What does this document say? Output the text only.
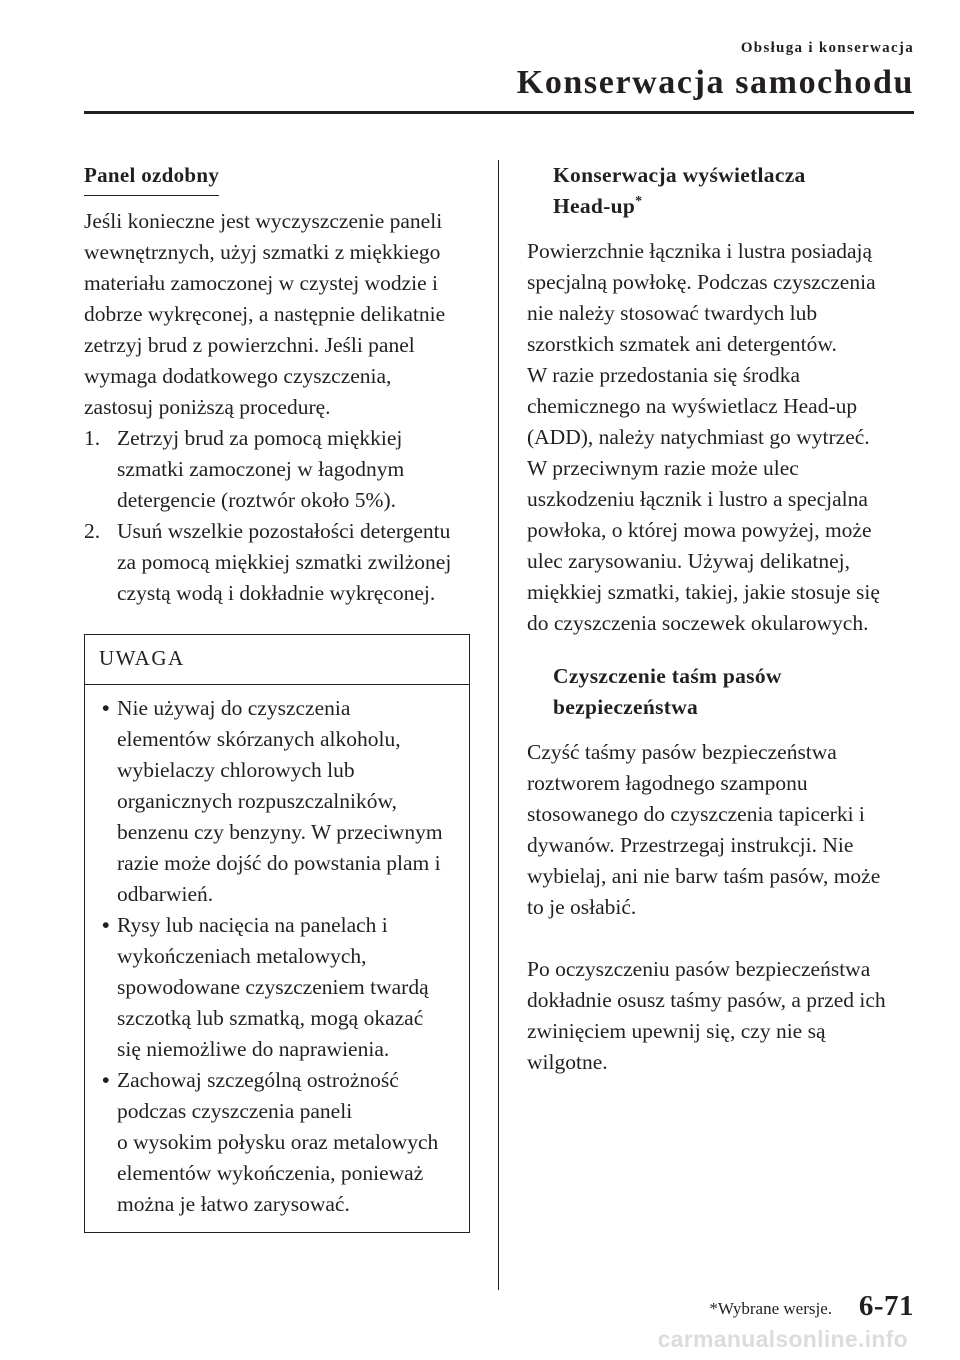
Obsługa i konserwacja
Konserwacja samochodu
Panel ozdobny

Jeśli konieczne jest wyczyszczenie paneli
wewnętrznych, użyj szmatki z miękkiego
materiału zamoczonej w czystej wodzie i
dobrze wykręconej, a następnie delikatnie
zetrzyj brud z powierzchni. Jeśli panel
wymaga dodatkowego czyszczenia,
zastosuj poniższą procedurę.

1. Zetrzyj brud za pomocą miękkiej
szmatki zamoczonej w łagodnym
detergencie (roztwór około 5%).
2. Usuń wszelkie pozostałości detergentu
za pomocą miękkiej szmatki zwilżonej
czystą wodą i dokładnie wykręconej.
UWAGA
• Nie używaj do czyszczenia
elementów skórzanych alkoholu,
wybielaczy chlorowych lub
organicznych rozpuszczalników,
benzenu czy benzyny. W przeciwnym
razie może dojść do powstania plam i
odbarwień.
• Rysy lub nacięcia na panelach i
wykończeniach metalowych,
spowodowane czyszczeniem twardą
szczotką lub szmatką, mogą okazać
się niemożliwe do naprawienia.
• Zachowaj szczególną ostrożność
podczas czyszczenia paneli
o wysokim połysku oraz metalowych
elementów wykończenia, ponieważ
można je łatwo zarysować.
Konserwacja wyświetlacza
Head-up*

Powierzchnie łącznika i lustra posiadają
specjalną powłokę. Podczas czyszczenia
nie należy stosować twardych lub
szorstkich szmatek ani detergentów.
W razie przedostania się środka
chemicznego na wyświetlacz Head-up
(ADD), należy natychmiast go wytrzeć.
W przeciwnym razie może ulec
uszkodzeniu łącznik i lustro a specjalna
powłoka, o której mowa powyżej, może
ulec zarysowaniu. Używaj delikatnej,
miękkiej szmatki, takiej, jakie stosuje się
do czyszczenia soczewek okularowych.

Czyszczenie taśm pasów
bezpieczeństwa

Czyść taśmy pasów bezpieczeństwa
roztworem łagodnego szamponu
stosowanego do czyszczenia tapicerki i
dywanów. Przestrzegaj instrukcji. Nie
wybielaj, ani nie barw taśm pasów, może
to je osłabić.

Po oczyszczeniu pasów bezpieczeństwa
dokładnie osusz taśmy pasów, a przed ich
zwinięciem upewnij się, czy nie są
wilgotne.

*Wybrane wersje. 6-71
carmanualsonline.info
